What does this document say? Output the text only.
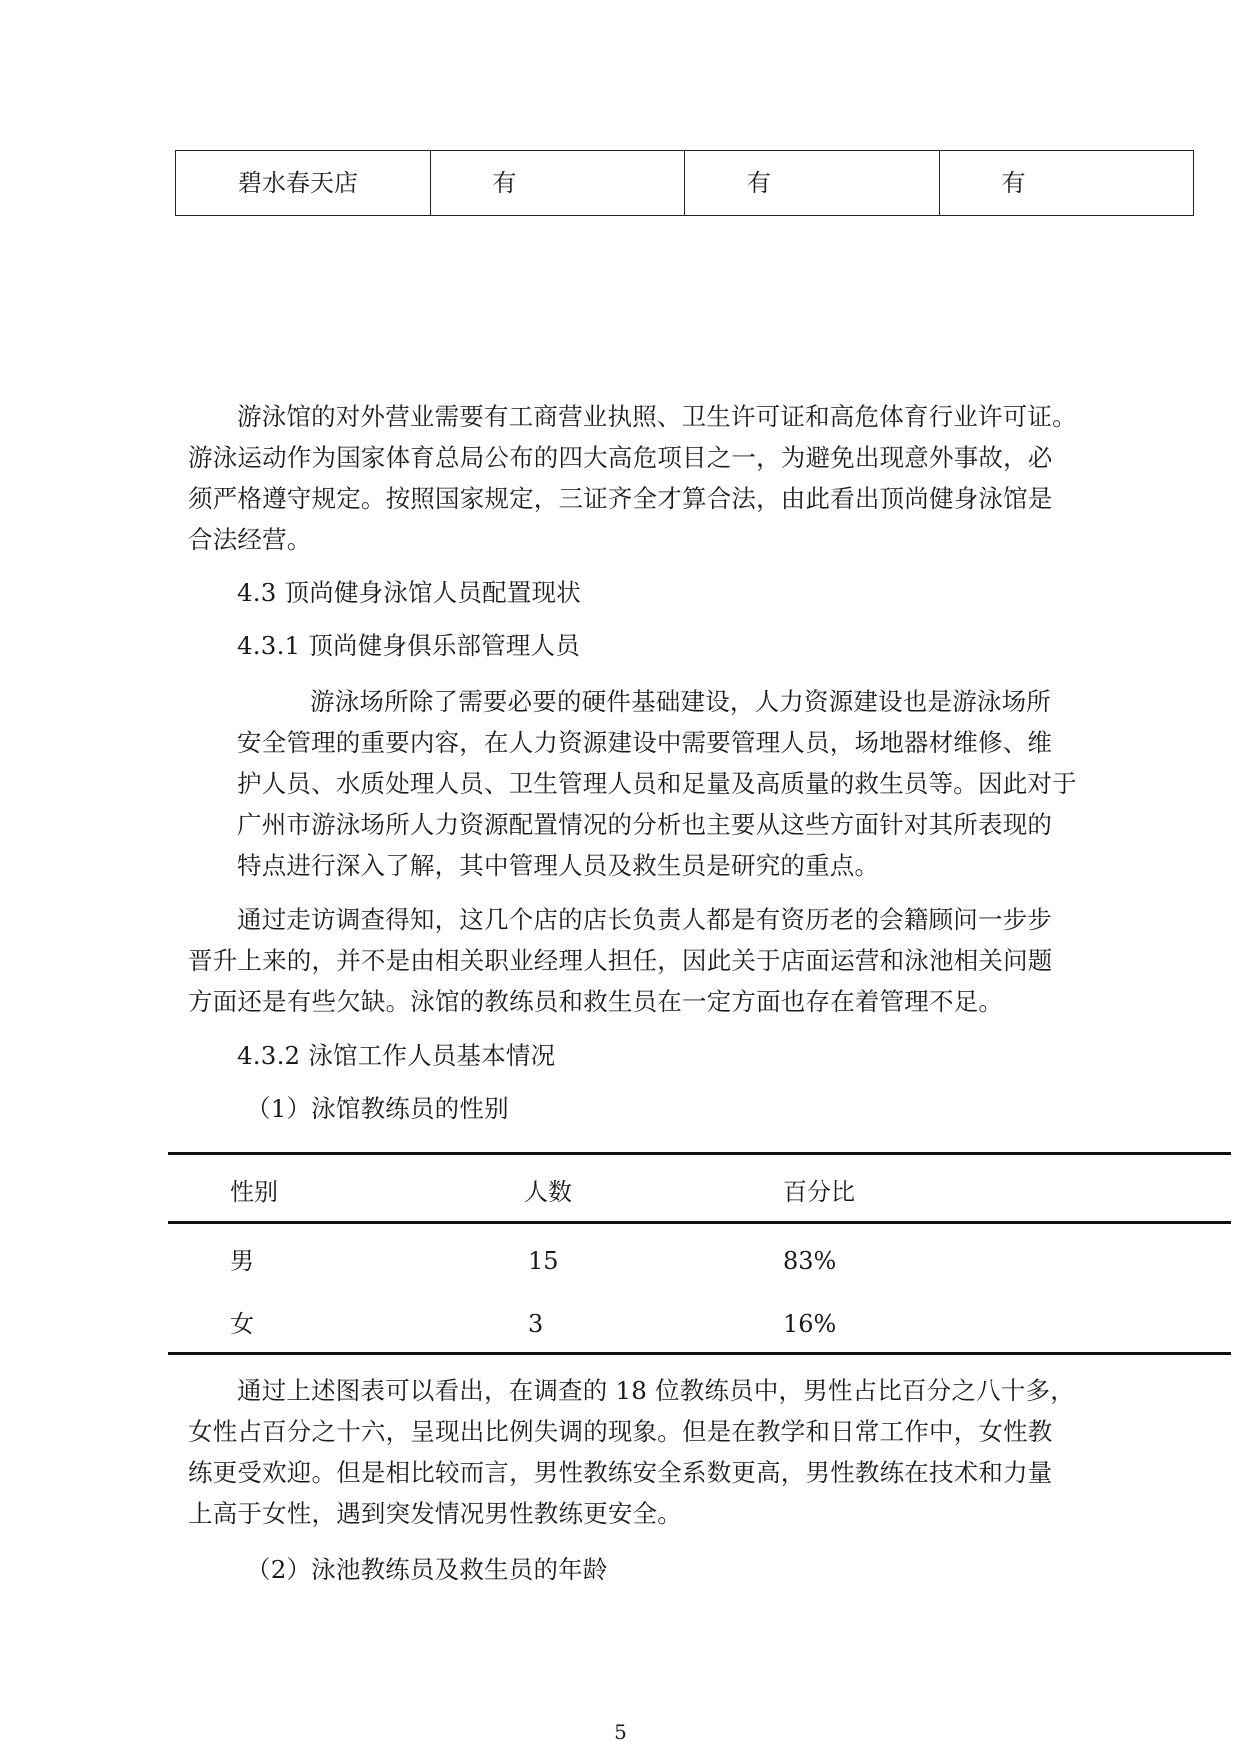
碧水春天店	有	有	有
游泳馆的对外营业需要有工商营业执照、卫生许可证和高危体育行业许可证。
游泳运动作为国家体育总局公布的四大高危项目之一，为避免出现意外事故，必
须严格遵守规定。按照国家规定，三证齐全才算合法，由此看出顶尚健身泳馆是
合法经营。
4.3 顶尚健身泳馆人员配置现状
4.3.1 顶尚健身俱乐部管理人员
游泳场所除了需要必要的硬件基础建设，人力资源建设也是游泳场所
安全管理的重要内容，在人力资源建设中需要管理人员，场地器材维修、维
护人员、水质处理人员、卫生管理人员和足量及高质量的救生员等。因此对于
广州市游泳场所人力资源配置情况的分析也主要从这些方面针对其所表现的
特点进行深入了解，其中管理人员及救生员是研究的重点。
通过走访调查得知，这几个店的店长负责人都是有资历老的会籍顾问一步步
晋升上来的，并不是由相关职业经理人担任，因此关于店面运营和泳池相关问题
方面还是有些欠缺。泳馆的教练员和救生员在一定方面也存在着管理不足。
4.3.2 泳馆工作人员基本情况
（1）泳馆教练员的性别
性别	人数	百分比
男	15	83%
女	3	16%
通过上述图表可以看出，在调查的 18 位教练员中，男性占比百分之八十多，
女性占百分之十六，呈现出比例失调的现象。但是在教学和日常工作中，女性教
练更受欢迎。但是相比较而言，男性教练安全系数更高，男性教练在技术和力量
上高于女性，遇到突发情况男性教练更安全。
（2）泳池教练员及救生员的年龄
5
